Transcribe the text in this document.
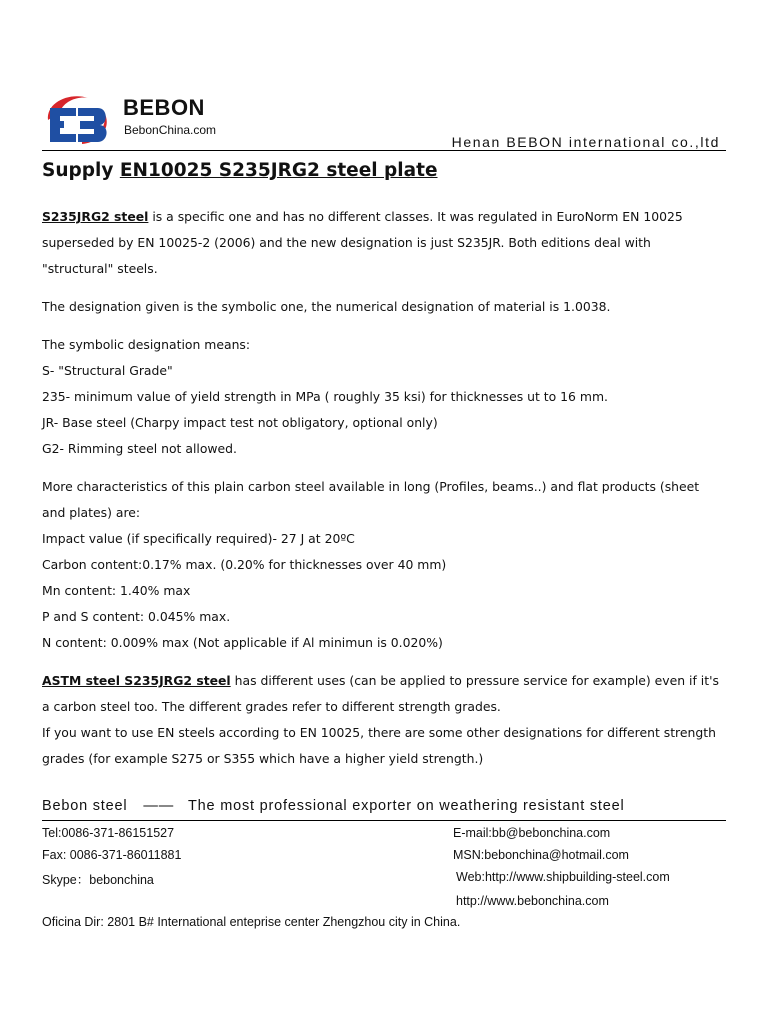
BEBON
BebonChina.com
Henan BEBON international co.,ltd
Supply EN10025 S235JRG2 steel plate

S235JRG2 steel is a specific one and has no different classes. It was regulated in EuroNorm EN 10025 superseded by EN 10025-2 (2006) and the new designation is just S235JR. Both editions deal with "structural" steels.

The designation given is the symbolic one, the numerical designation of material is 1.0038.

The symbolic designation means:

S- "Structural Grade"

235- minimum value of yield strength in MPa ( roughly 35 ksi) for thicknesses ut to 16 mm.

JR- Base steel (Charpy impact test not obligatory, optional only)

G2- Rimming steel not allowed.

More characteristics of this plain carbon steel available in long (Profiles, beams..) and flat products (sheet and plates) are:

Impact value (if specifically required)- 27 J at 20ºC

Carbon content:0.17% max. (0.20% for thicknesses over 40 mm)

Mn content: 1.40% max

P and S content: 0.045% max.

N content: 0.009% max (Not applicable if Al minimun is 0.020%)

ASTM steel S235JRG2 steel has different uses (can be applied to pressure service for example) even if it's a carbon steel too. The different grades refer to different strength grades.

If you want to use EN steels according to EN 10025, there are some other designations for different strength grades (for example S275 or S355 which have a higher yield strength.)

Bebon steel —— The most professional exporter on weathering resistant steel
Tel:0086-371-86151527
Fax: 0086-371-86011881
Skype：bebonchina
E-mail:bb@bebonchina.com
MSN:bebonchina@hotmail.com
Web:http://www.shipbuilding-steel.com
http://www.bebonchina.com
Oficina Dir: 2801 B# International enteprise center Zhengzhou city in China.
